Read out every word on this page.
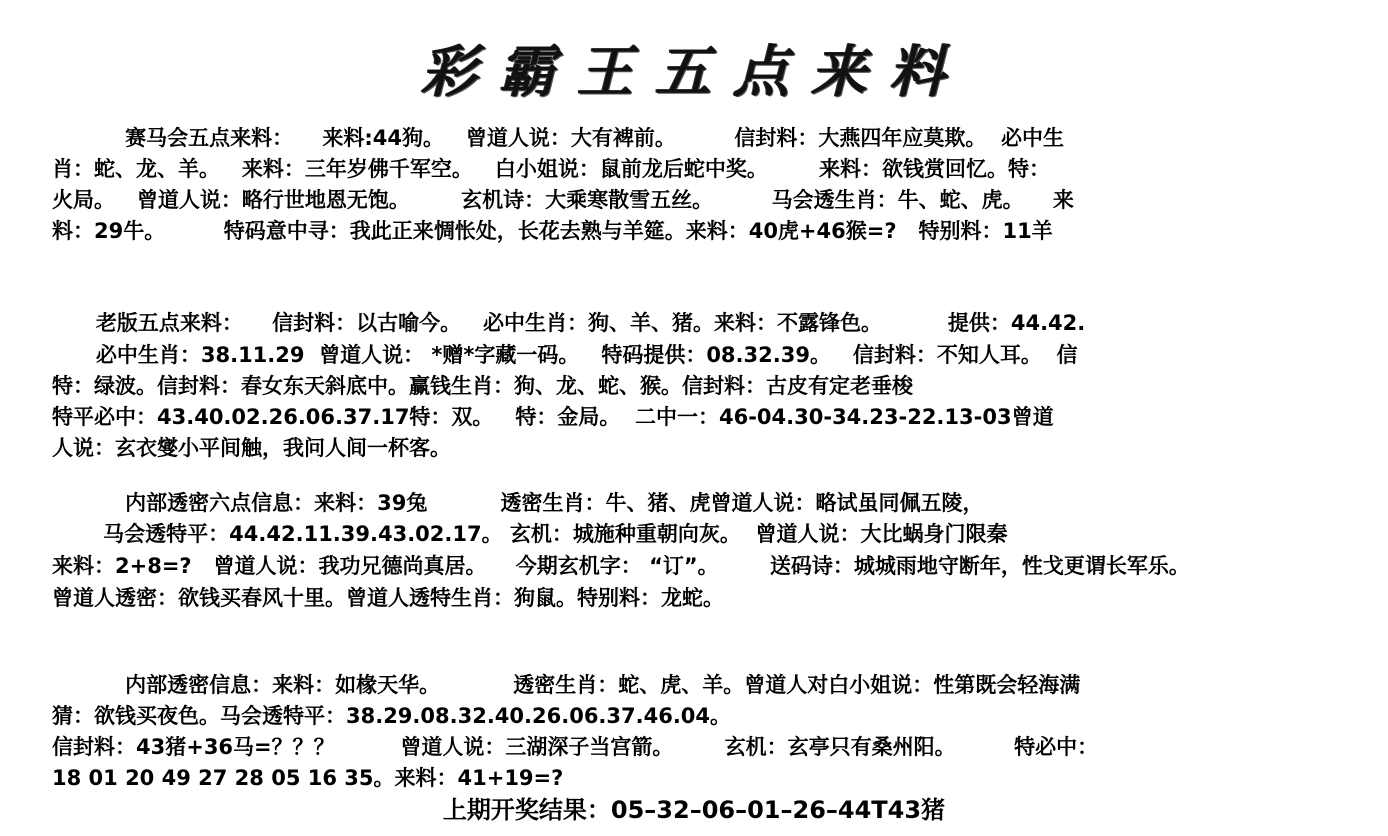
彩霸王五点来料
赛马会五点来料：    来料:44狗。   曾道人说：大有裨前。        信封料：大燕四年应莫欺。  必中生
肖：蛇、龙、羊。   来料：三年岁佛千军空。   白小姐说：鼠前龙后蛇中奖。       来料：欲钱赏回忆。特：
火局。   曾道人说：略行世地恩无饱。       玄机诗：大乘寒散雪五丝。        马会透生肖：牛、蛇、虎。    来
料：29牛。        特码意中寻：我此正来惆怅处，长花去熟与羊筵。来料：40虎+46猴=?   特别料：11羊
老版五点来料：    信封料：以古喻今。   必中生肖：狗、羊、猪。来料：不露锋色。         提供：44.42.
必中生肖：38.11.29  曾道人说： *赠*字藏一码。   特码提供：08.32.39。   信封料：不知人耳。  信
特：绿波。信封料：春女东天斜底中。赢钱生肖：狗、龙、蛇、猴。信封料：古皮有定老垂梭
特平必中：43.40.02.26.06.37.17特：双。   特：金局。  二中一：46-04.30-34.23-22.13-03曾道
人说：玄衣燮小平间触，我问人间一杯客。
内部透密六点信息：来料：39兔          透密生肖：牛、猪、虎曾道人说：略试虽同佩五陵，
马会透特平：44.42.11.39.43.02.17。 玄机：城施种重朝向灰。  曾道人说：大比蜗身门限秦
来料：2+8=?   曾道人说：我功兄德尚真居。    今期玄机字： “订”。       送码诗：城城雨地守断年，性戈更谓长军乐。
曾道人透密：欲钱买春风十里。曾道人透特生肖：狗鼠。特别料：龙蛇。
内部透密信息：来料：如椽天华。          透密生肖：蛇、虎、羊。曾道人对白小姐说：性第既会轻海满
猜：欲钱买夜色。马会透特平：38.29.08.32.40.26.06.37.46.04。
信封料：43猪+36马=？？？         曾道人说：三湖深子当宫箭。       玄机：玄亭只有桑州阳。        特必中：
18 01 20 49 27 28 05 16 35。来料：41+19=?
上期开奖结果：05–32–06–01–26–44T43猪
